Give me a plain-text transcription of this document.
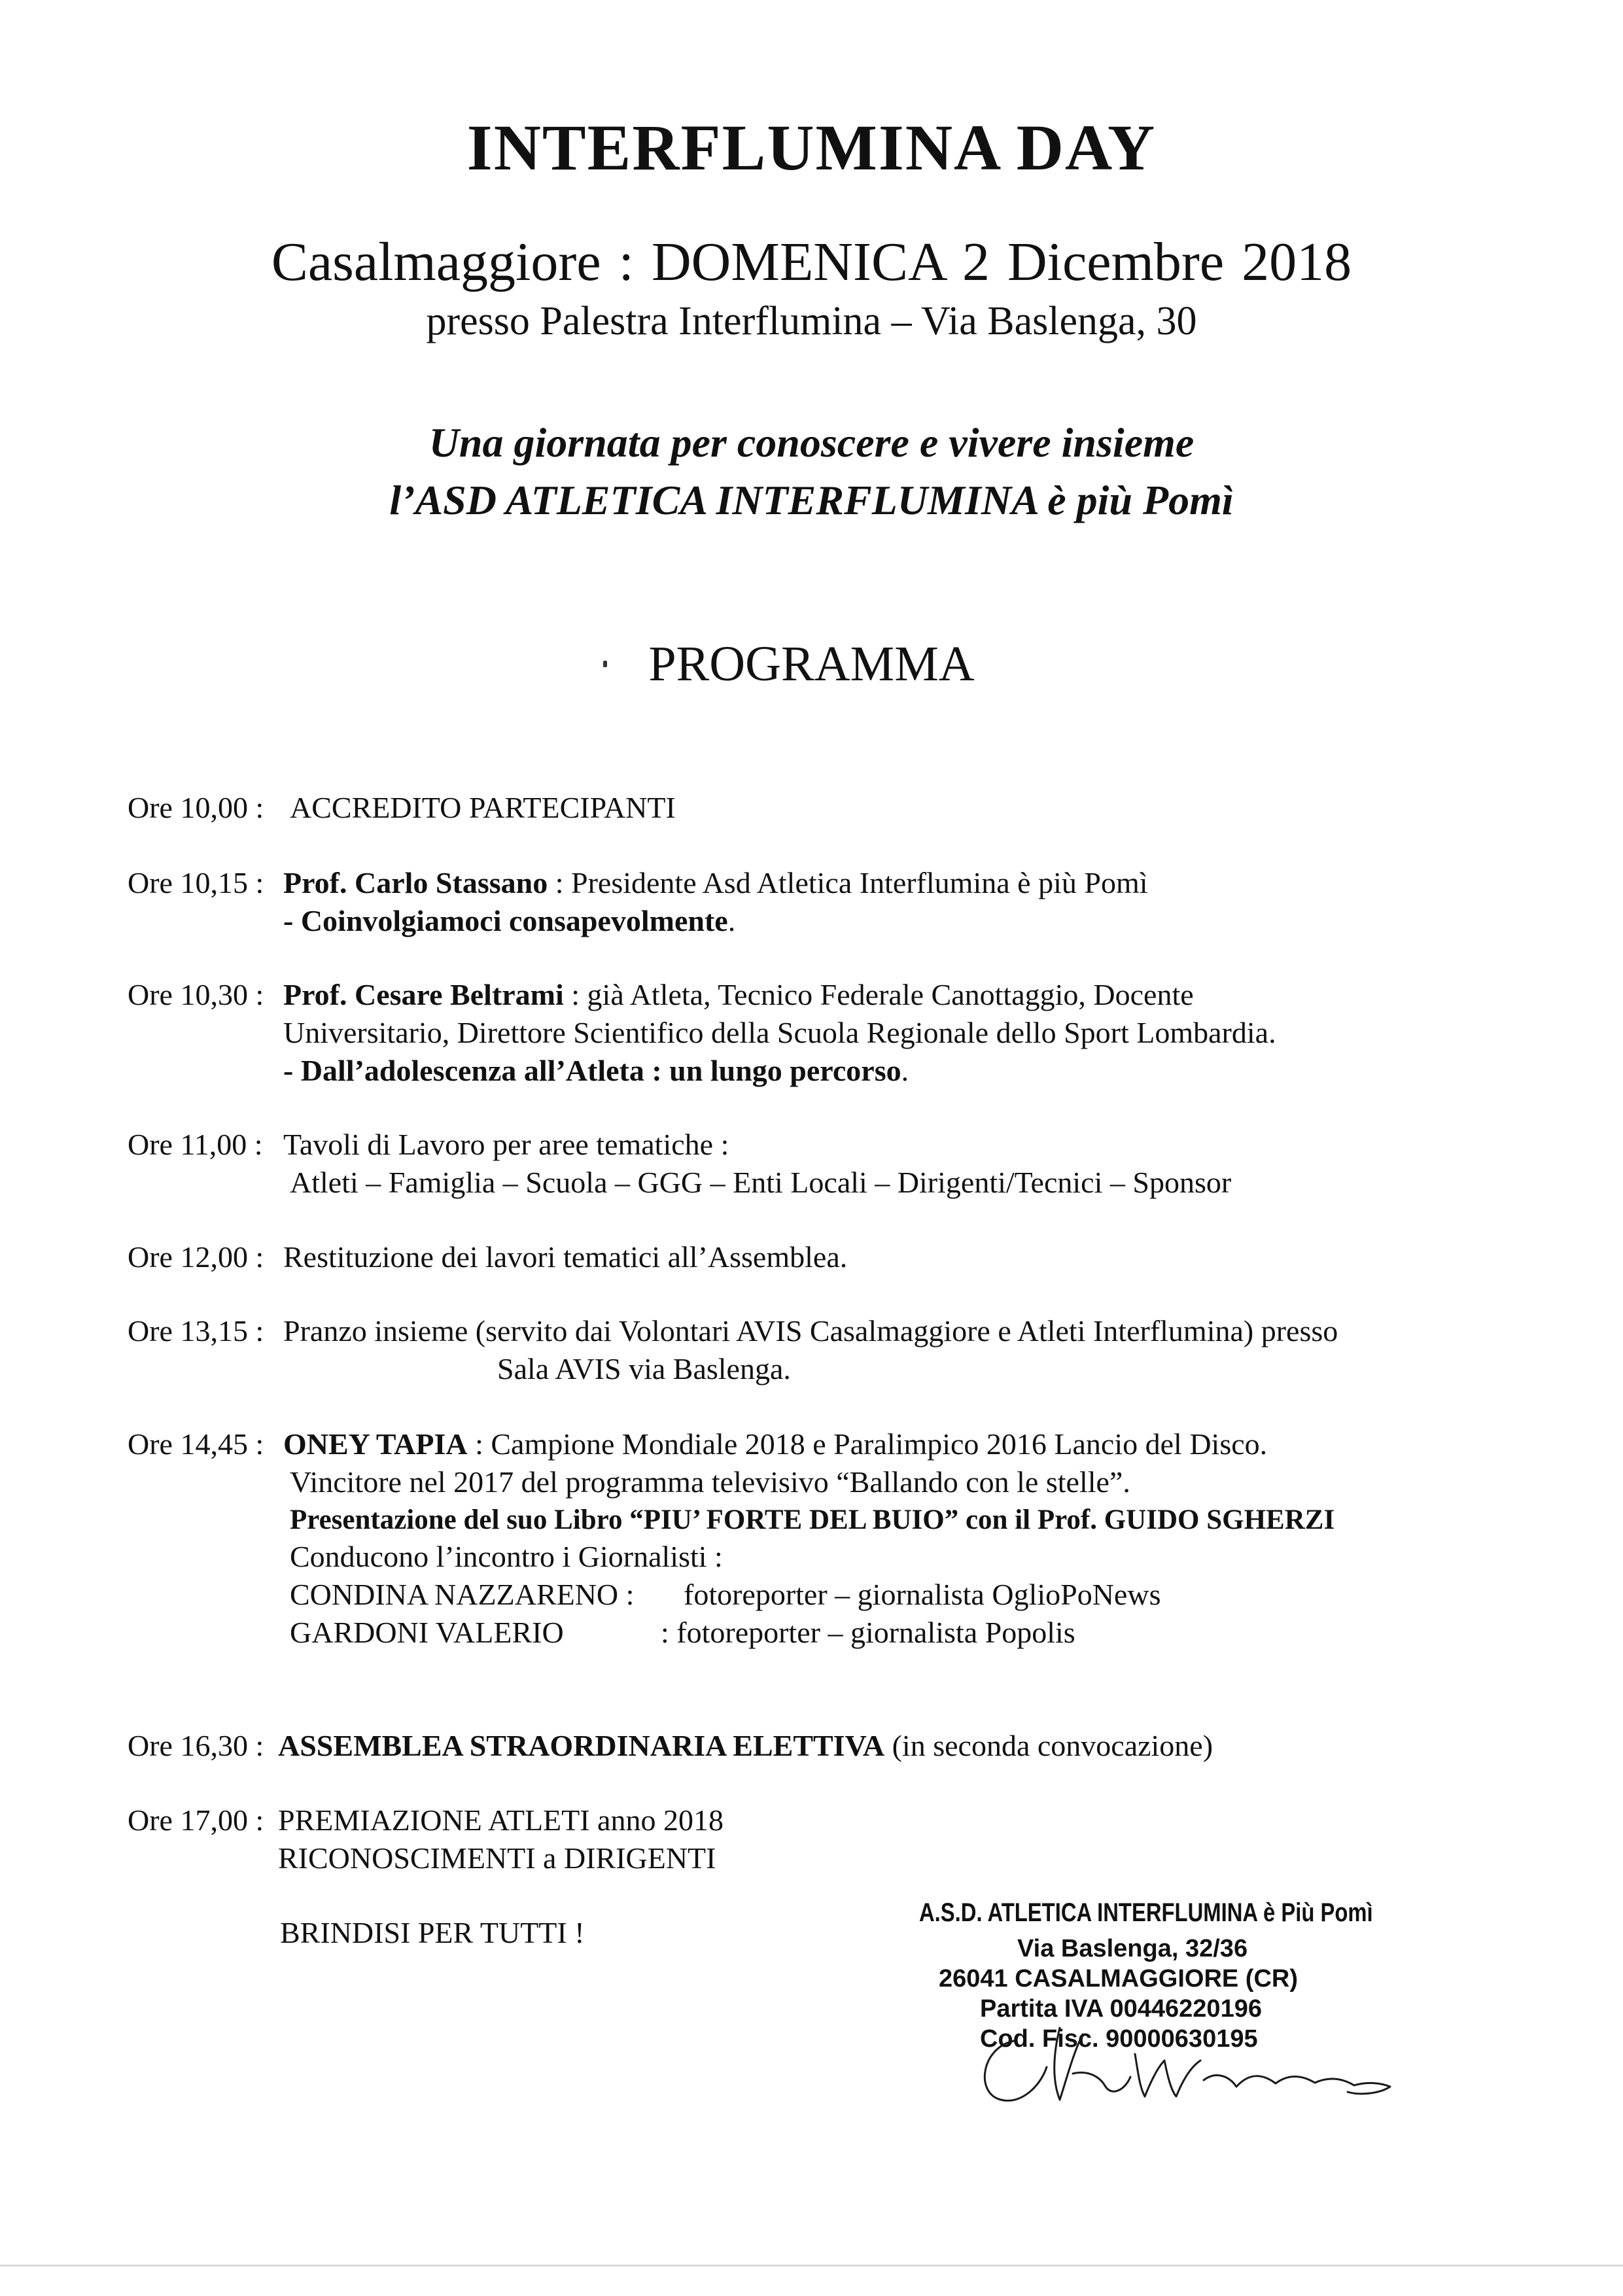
INTERFLUMINA DAY
Casalmaggiore : DOMENICA 2 Dicembre 2018
presso Palestra Interflumina – Via Baslenga, 30
Una giornata per conoscere e vivere insieme
l’ASD ATLETICA INTERFLUMINA è più Pomì
PROGRAMMA
Ore 10,00 : ACCREDITO PARTECIPANTI
Ore 10,15 : Prof. Carlo Stassano : Presidente Asd Atletica Interflumina è più Pomì
- Coinvolgiamoci consapevolmente.
Ore 10,30 : Prof. Cesare Beltrami : già Atleta, Tecnico Federale Canottaggio, Docente
Universitario, Direttore Scientifico della Scuola Regionale dello Sport Lombardia.
- Dall’adolescenza all’Atleta : un lungo percorso.
Ore 11,00 : Tavoli di Lavoro per aree tematiche :
Atleti – Famiglia – Scuola – GGG – Enti Locali – Dirigenti/Tecnici – Sponsor
Ore 12,00 : Restituzione dei lavori tematici all’Assemblea.
Ore 13,15 : Pranzo insieme (servito dai Volontari AVIS Casalmaggiore e Atleti Interflumina) presso
Sala AVIS via Baslenga.
Ore 14,45 : ONEY TAPIA : Campione Mondiale 2018 e Paralimpico 2016 Lancio del Disco.
Vincitore nel 2017 del programma televisivo “Ballando con le stelle”.
Presentazione del suo Libro “PIU’ FORTE DEL BUIO” con il Prof. GUIDO SGHERZI
Conducono l’incontro i Giornalisti :
CONDINA NAZZARENO : fotoreporter – giornalista OglioPoNews
GARDONI VALERIO	: fotoreporter – giornalista Popolis
Ore 16,30 : ASSEMBLEA STRAORDINARIA ELETTIVA (in seconda convocazione)
Ore 17,00 : PREMIAZIONE ATLETI anno 2018
RICONOSCIMENTI a DIRIGENTI
BRINDISI PER TUTTI !
A.S.D. ATLETICA INTERFLUMINA è Più Pomì
Via Baslenga, 32/36
26041 CASALMAGGIORE (CR)
Partita IVA 00446220196
Cod. Fisc. 90000630195
